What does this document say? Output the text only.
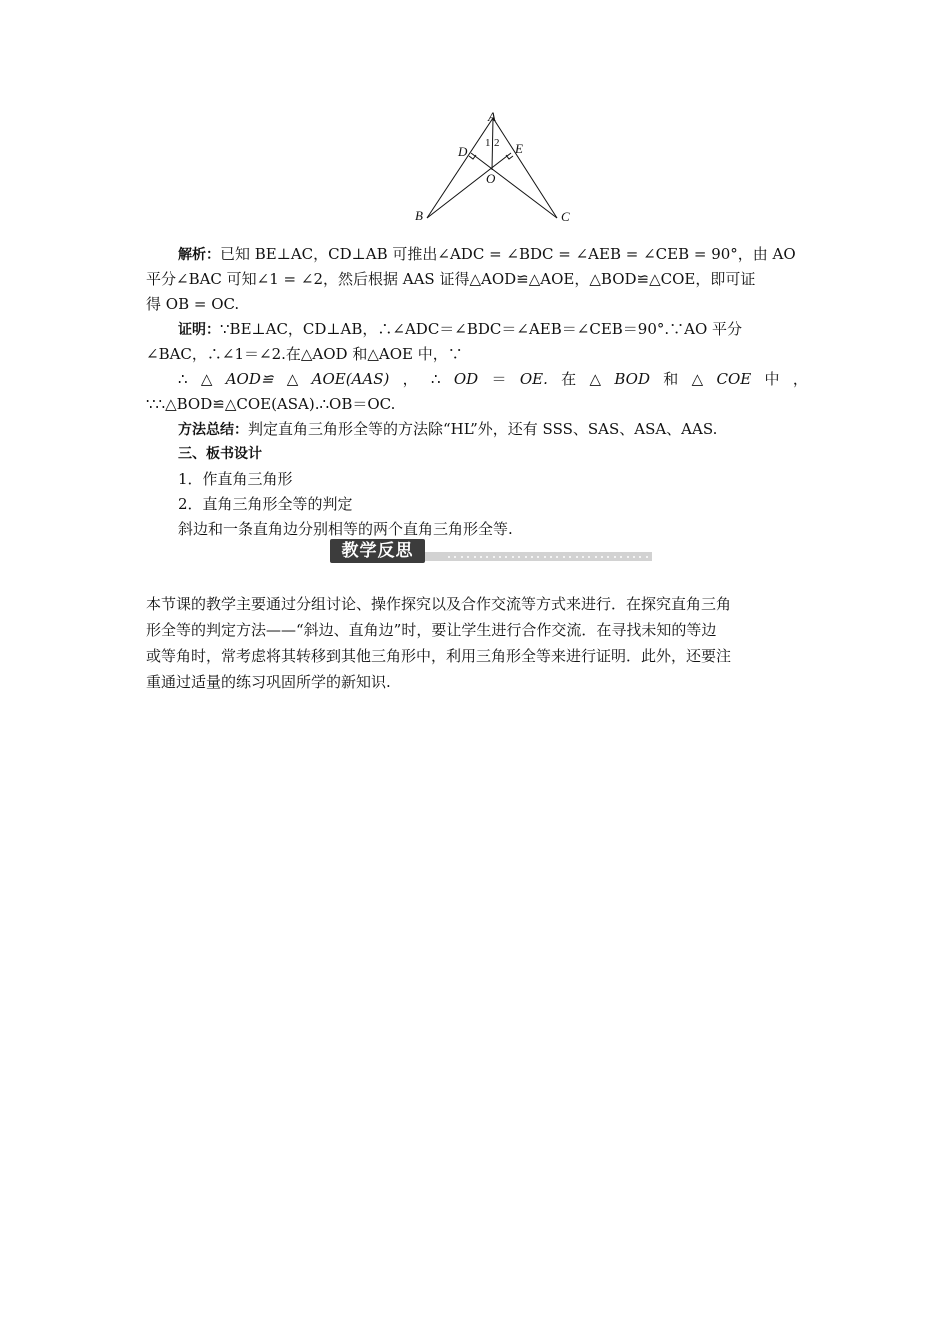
A
D	E
O
B	C
1 2
解析：已知 BE⊥AC，CD⊥AB 可推出∠ADC = ∠BDC = ∠AEB = ∠CEB = 90°，由 AO
平分∠BAC 可知∠1 = ∠2，然后根据 AAS 证得△AOD≌△AOE，△BOD≌△COE，即可证
得 OB = OC.
证明：∵BE⊥AC，CD⊥AB，∴∠ADC＝∠BDC＝∠AEB＝∠CEB＝90°.∵AO 平分
∠BAC，∴∠1＝∠2.在△AOD 和△AOE 中，∵
∴ △ AOD≌ △ AOE(AAS) ， ∴ OD ＝ OE. 在 △ BOD 和 △ COE 中 ，
∵∴△BOD≌△COE(ASA).∴OB＝OC.
方法总结：判定直角三角形全等的方法除“HL”外，还有 SSS、SAS、ASA、AAS.
三、板书设计
1．作直角三角形
2．直角三角形全等的判定
斜边和一条直角边分别相等的两个直角三角形全等.
教学反思
本节课的教学主要通过分组讨论、操作探究以及合作交流等方式来进行．在探究直角三角
形全等的判定方法——“斜边、直角边”时，要让学生进行合作交流．在寻找未知的等边
或等角时，常考虑将其转移到其他三角形中，利用三角形全等来进行证明．此外，还要注
重通过适量的练习巩固所学的新知识.
